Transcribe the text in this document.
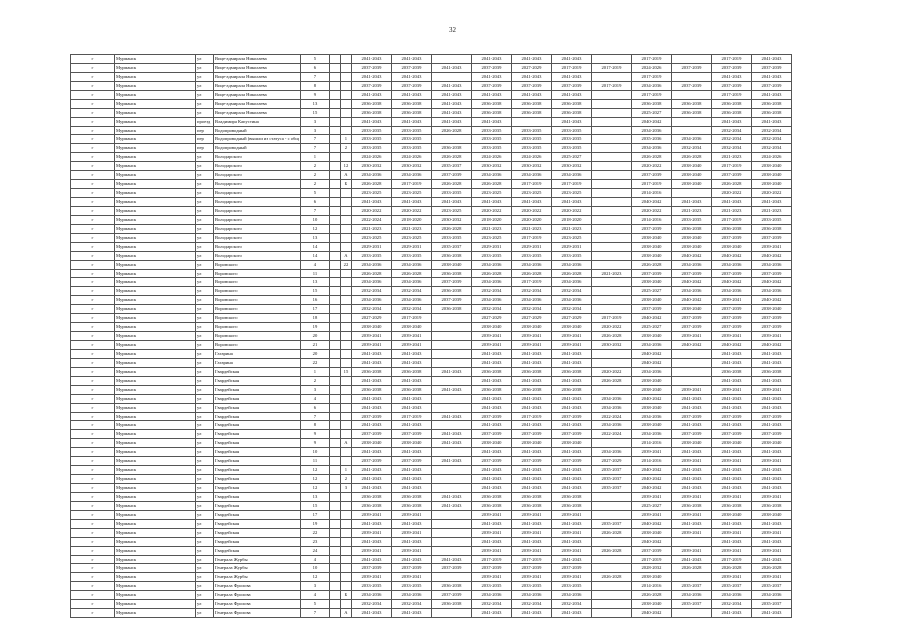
32
г	Мурманск	ул	Вице-адмирала Николаева	5			2041-2043	2041-2043		2041-2043	2041-2043	2041-2043		2017-2019		2017-2019	2041-2043
г	Мурманск	ул	Вице-адмирала Николаева	6			2037-2039	2037-2039	2041-2043	2037-2039	2027-2029	2017-2019	2017-2019	2024-2026	2037-2039	2037-2039	2037-2039
г	Мурманск	ул	Вице-адмирала Николаева	7			2041-2043	2041-2043		2041-2043	2041-2043	2041-2043		2017-2019		2041-2043	2041-2043
г	Мурманск	ул	Вице-адмирала Николаева	8			2037-2039	2037-2039	2041-2043	2037-2039	2037-2039	2037-2039	2017-2019	2034-2036	2037-2039	2037-2039	2037-2039
г	Мурманск	ул	Вице-адмирала Николаева	9			2041-2043	2041-2043	2041-2043	2041-2043	2041-2043	2041-2043		2017-2019		2017-2019	2041-2043
г	Мурманск	ул	Вице-адмирала Николаева	13			2036-2038	2036-2038	2041-2043	2036-2038	2036-2038	2036-2038		2036-2038	2036-2038	2036-2038	2036-2038
г	Мурманск	ул	Вице-адмирала Николаева	15			2036-2038	2036-2038	2041-2043	2036-2038	2036-2038	2036-2038		2025-2027	2036-2038	2036-2038	2036-2038
г	Мурманск	проезд	Владимира Капустина	3			2041-2043	2041-2043	2041-2043	2041-2043		2041-2043		2040-2042		2041-2043	2041-2043
г	Мурманск	пер	Водопроводный	3			2033-2035	2033-2035	2026-2028	2033-2035	2033-2035	2033-2035		2034-2036		2032-2034	2032-2034
г	Мурманск	пер	Водопроводный (вышли из статуса - с общ	7		1	2033-2035	2033-2035		2033-2035	2033-2035	2033-2035		2035-2036	2034-2036	2032-2034	2032-2034
г	Мурманск	пер	Водопроводный	7		2	2033-2035	2033-2035	2036-2038	2033-2035	2033-2035	2033-2035		2034-2036	2032-2034	2032-2034	2032-2034
г	Мурманск	ул	Володарского	1			2024-2026	2024-2026	2026-2028	2024-2026	2024-2026	2025-2027		2026-2028	2026-2028	2021-2023	2024-2026
г	Мурманск	ул	Володарского	2		12	2030-2032	2030-2032	2035-2037	2030-2032	2030-2032	2030-2032		2020-2022	2038-2040	2017-2019	2038-2040
г	Мурманск	ул	Володарского	2		А	2034-2036	2034-2036	2037-2039	2034-2036	2034-2036	2034-2036		2037-2039	2038-2040	2037-2039	2038-2040
г	Мурманск	ул	Володарского	2		Б	2026-2028	2017-2019	2026-2028	2026-2028	2017-2019	2017-2019		2017-2019	2038-2040	2026-2028	2038-2040
г	Мурманск	ул	Володарского	5			2023-2025	2023-2025	2033-2035	2023-2025	2023-2025	2023-2025		2014-2016		2020-2022	2020-2022
г	Мурманск	ул	Володарского	6			2041-2043	2041-2043	2041-2043	2041-2043	2041-2043	2041-2043		2040-2042	2041-2043	2041-2043	2041-2043
г	Мурманск	ул	Володарского	7			2020-2022	2020-2022	2023-2025	2020-2022	2020-2022	2020-2022		2020-2022	2021-2023	2021-2023	2021-2023
г	Мурманск	ул	Володарского	10			2022-2024	2018-2020	2030-2032	2018-2020	2020-2020	2018-2020		2014-2016	2033-2035	2017-2019	2033-2035
г	Мурманск	ул	Володарского	12			2021-2023	2021-2023	2026-2028	2021-2023	2021-2023	2021-2023		2037-2039	2036-2038	2036-2038	2036-2038
г	Мурманск	ул	Володарского	13			2023-2025	2023-2025	2033-2035	2023-2025	2017-2019	2023-2025		2038-2040	2038-2040	2037-2039	2037-2039
г	Мурманск	ул	Володарского	14			2029-2031	2029-2031	2035-2037	2029-2031	2029-2031	2029-2031		2038-2040	2038-2040	2038-2040	2039-2041
г	Мурманск	ул	Володарского	14		А	2033-2035	2033-2035	2036-2038	2033-2035	2033-2035	2033-2035		2038-2040	2040-2042	2040-2042	2040-2042
г	Мурманск	ул	Воровского	4		22	2034-2036	2034-2036	2038-2040	2034-2036	2034-2036	2034-2036		2026-2028	2034-2036	2034-2036	2034-2036
г	Мурманск	ул	Воровского	11			2026-2028	2026-2028	2036-2038	2026-2028	2026-2028	2026-2028	2021-2023	2037-2039	2037-2039	2037-2039	2037-2039
г	Мурманск	ул	Воровского	13			2034-2036	2034-2036	2037-2039	2034-2036	2017-2019	2034-2036		2038-2040	2040-2042	2040-2042	2040-2042
г	Мурманск	ул	Воровского	15			2032-2034	2032-2034	2036-2038	2032-2034	2032-2034	2032-2034		2025-2027	2034-2036	2034-2036	2034-2036
г	Мурманск	ул	Воровского	16			2034-2036	2034-2036	2037-2039	2034-2036	2034-2036	2034-2036		2038-2040	2040-2042	2039-2041	2040-2042
г	Мурманск	ул	Воровского	17			2032-2034	2032-2034	2036-2038	2032-2034	2032-2034	2032-2034		2037-2039	2038-2040	2037-2039	2038-2040
г	Мурманск	ул	Воровского	18			2027-2029	2017-2019		2027-2029	2027-2029	2027-2029	2017-2019	2040-2042	2037-2039	2037-2039	2037-2039
г	Мурманск	ул	Воровского	19			2038-2040	2038-2040		2038-2040	2038-2040	2038-2040	2020-2022	2025-2027	2037-2039	2037-2039	2037-2039
г	Мурманск	ул	Воровского	20			2039-2041	2039-2041		2039-2041	2039-2041	2039-2041	2026-2028	2038-2040	2039-2041	2039-2041	2039-2041
г	Мурманск	ул	Воровского	21			2039-2041	2039-2041		2039-2041	2039-2041	2039-2041	2030-2032	2034-2036	2040-2042	2040-2042	2040-2042
г	Мурманск	ул	Гагарина	20			2041-2043	2041-2043		2041-2043	2041-2043	2041-2043		2040-2042		2041-2043	2041-2043
г	Мурманск	ул	Гагарина	22			2041-2043	2041-2043		2041-2043	2041-2043	2041-2043		2040-2042		2041-2043	2041-2043
г	Мурманск	ул	Гвардейская	1		15	2036-2038	2036-2038	2041-2043	2036-2038	2036-2038	2036-2038	2020-2022	2034-2036		2036-2038	2036-2038
г	Мурманск	ул	Гвардейская	2			2041-2043	2041-2043		2041-2043	2041-2043	2041-2043	2026-2028	2038-2040		2041-2043	2041-2043
г	Мурманск	ул	Гвардейская	3			2036-2038	2036-2038	2041-2043	2036-2038	2036-2038	2036-2038		2038-2040	2039-2041	2039-2041	2039-2041
г	Мурманск	ул	Гвардейская	4			2041-2043	2041-2043		2041-2043	2041-2043	2041-2043	2034-2036	2040-2042	2041-2043	2041-2043	2041-2043
г	Мурманск	ул	Гвардейская	6			2041-2043	2041-2043		2041-2043	2041-2043	2041-2043	2034-2036	2038-2040	2041-2043	2041-2043	2041-2043
г	Мурманск	ул	Гвардейская	7			2037-2039	2017-2019	2041-2043	2037-2039	2017-2019	2037-2039	2022-2024	2034-2036	2037-2039	2037-2039	2037-2039
г	Мурманск	ул	Гвардейская	8			2041-2043	2041-2043		2041-2043	2041-2043	2041-2043	2034-2036	2038-2040	2041-2043	2041-2043	2041-2043
г	Мурманск	ул	Гвардейская	9			2037-2039	2037-2039	2041-2043	2037-2039	2037-2039	2037-2039	2022-2024	2034-2036	2037-2039	2037-2039	2037-2039
г	Мурманск	ул	Гвардейская	9		А	2038-2040	2038-2040	2041-2043	2038-2040	2038-2040	2038-2040		2014-2016	2038-2040	2038-2040	2038-2040
г	Мурманск	ул	Гвардейская	10			2041-2043	2041-2043		2041-2043	2041-2043	2041-2043	2034-2036	2039-2041	2041-2043	2041-2043	2041-2043
г	Мурманск	ул	Гвардейская	11			2037-2039	2037-2039	2041-2043	2037-2039	2037-2039	2037-2039	2027-2029	2014-2016	2039-2041	2039-2041	2039-2041
г	Мурманск	ул	Гвардейская	12		1	2041-2043	2041-2043		2041-2043	2041-2043	2041-2043	2035-2037	2040-2042	2041-2043	2041-2043	2041-2043
г	Мурманск	ул	Гвардейская	12		2	2041-2043	2041-2043		2041-2043	2041-2043	2041-2043	2035-2037	2040-2042	2041-2043	2041-2043	2041-2043
г	Мурманск	ул	Гвардейская	12		3	2041-2043	2041-2043		2041-2043	2041-2043	2041-2043	2035-2037	2040-2042	2041-2043	2041-2043	2041-2043
г	Мурманск	ул	Гвардейская	13			2036-2038	2036-2038	2041-2043	2036-2038	2036-2038	2036-2038		2039-2041	2039-2041	2039-2041	2039-2041
г	Мурманск	ул	Гвардейская	15			2036-2038	2036-2038	2041-2043	2036-2038	2036-2038	2036-2038		2025-2027	2036-2038	2036-2038	2036-2038
г	Мурманск	ул	Гвардейская	17			2039-2041	2039-2041		2039-2041	2039-2041	2039-2041		2039-2041	2039-2041	2038-2040	2038-2040
г	Мурманск	ул	Гвардейская	19			2041-2043	2041-2043		2041-2043	2041-2043	2041-2043	2035-2037	2040-2042	2041-2043	2041-2043	2041-2043
г	Мурманск	ул	Гвардейская	22			2039-2041	2039-2041		2039-2041	2039-2041	2039-2041	2026-2028	2038-2040	2039-2041	2039-2041	2039-2041
г	Мурманск	ул	Гвардейская	23			2041-2043	2041-2043		2041-2043	2041-2043	2041-2043		2040-2042		2041-2043	2041-2043
г	Мурманск	ул	Гвардейская	24			2039-2041	2039-2041		2039-2041	2039-2041	2039-2041	2026-2028	2037-2039	2039-2041	2039-2041	2039-2041
г	Мурманск	ул	Генерала Журбы	4			2041-2043	2041-2043	2041-2043	2017-2019	2017-2019	2041-2043		2017-2019	2041-2043	2017-2019	2041-2043
г	Мурманск	ул	Генерала Журбы	10			2037-2039	2037-2039	2037-2039	2037-2039	2037-2039	2037-2039		2028-2032	2026-2028	2026-2028	2026-2028
г	Мурманск	ул	Генерала Журбы	12			2039-2041	2039-2041		2039-2041	2039-2041	2039-2041	2026-2028	2038-2040		2039-2041	2039-2041
г	Мурманск	ул	Генерала Фролова	3			2033-2035	2033-2035	2036-2038	2033-2035	2033-2035	2033-2035		2014-2016	2035-2037	2035-2037	2035-2037
г	Мурманск	ул	Генерала Фролова	4		Б	2034-2036	2034-2036	2037-2039	2034-2036	2034-2036	2034-2036		2026-2028	2034-2036	2034-2036	2034-2036
г	Мурманск	ул	Генерала Фролова	5			2032-2034	2032-2034	2036-2038	2032-2034	2032-2034	2032-2034		2038-2040	2035-2037	2032-2034	2035-2037
г	Мурманск	ул	Генерала Фролова	7		А	2041-2043	2041-2043		2041-2043	2041-2043	2041-2043		2040-2042		2041-2043	2041-2043
